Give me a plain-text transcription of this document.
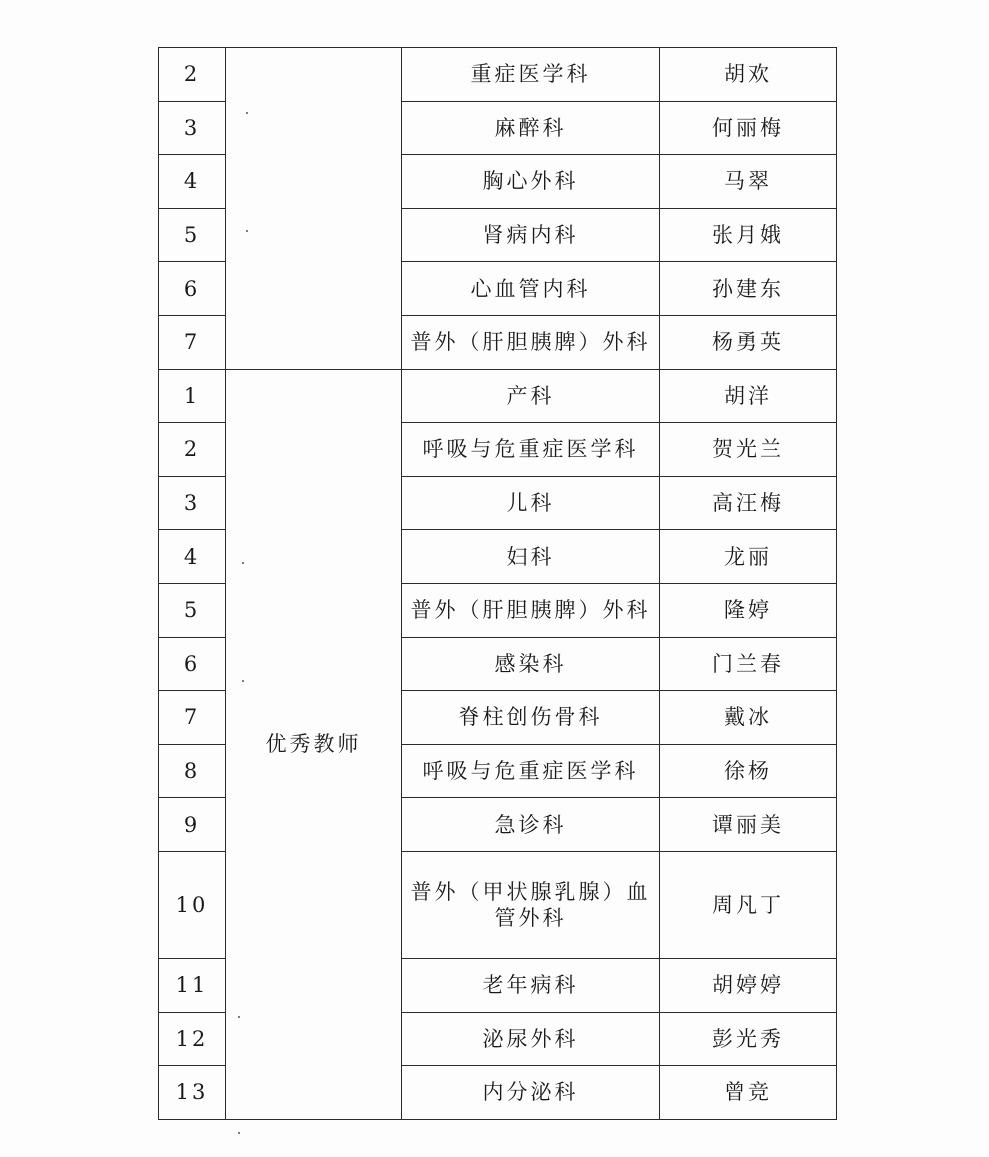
2		重症医学科	胡欢
3		麻醉科	何丽梅
4		胸心外科	马翠
5		肾病内科	张月娥
6		心血管内科	孙建东
7		普外（肝胆胰脾）外科	杨勇英
1	优秀教师	产科	胡洋
2		呼吸与危重症医学科	贺光兰
3		儿科	高汪梅
4		妇科	龙丽
5		普外（肝胆胰脾）外科	隆婷
6		感染科	门兰春
7		脊柱创伤骨科	戴冰
8		呼吸与危重症医学科	徐杨
9		急诊科	谭丽美
10		普外（甲状腺乳腺）血管外科	周凡丁
11		老年病科	胡婷婷
12		泌尿外科	彭光秀
13		内分泌科	曾竞
